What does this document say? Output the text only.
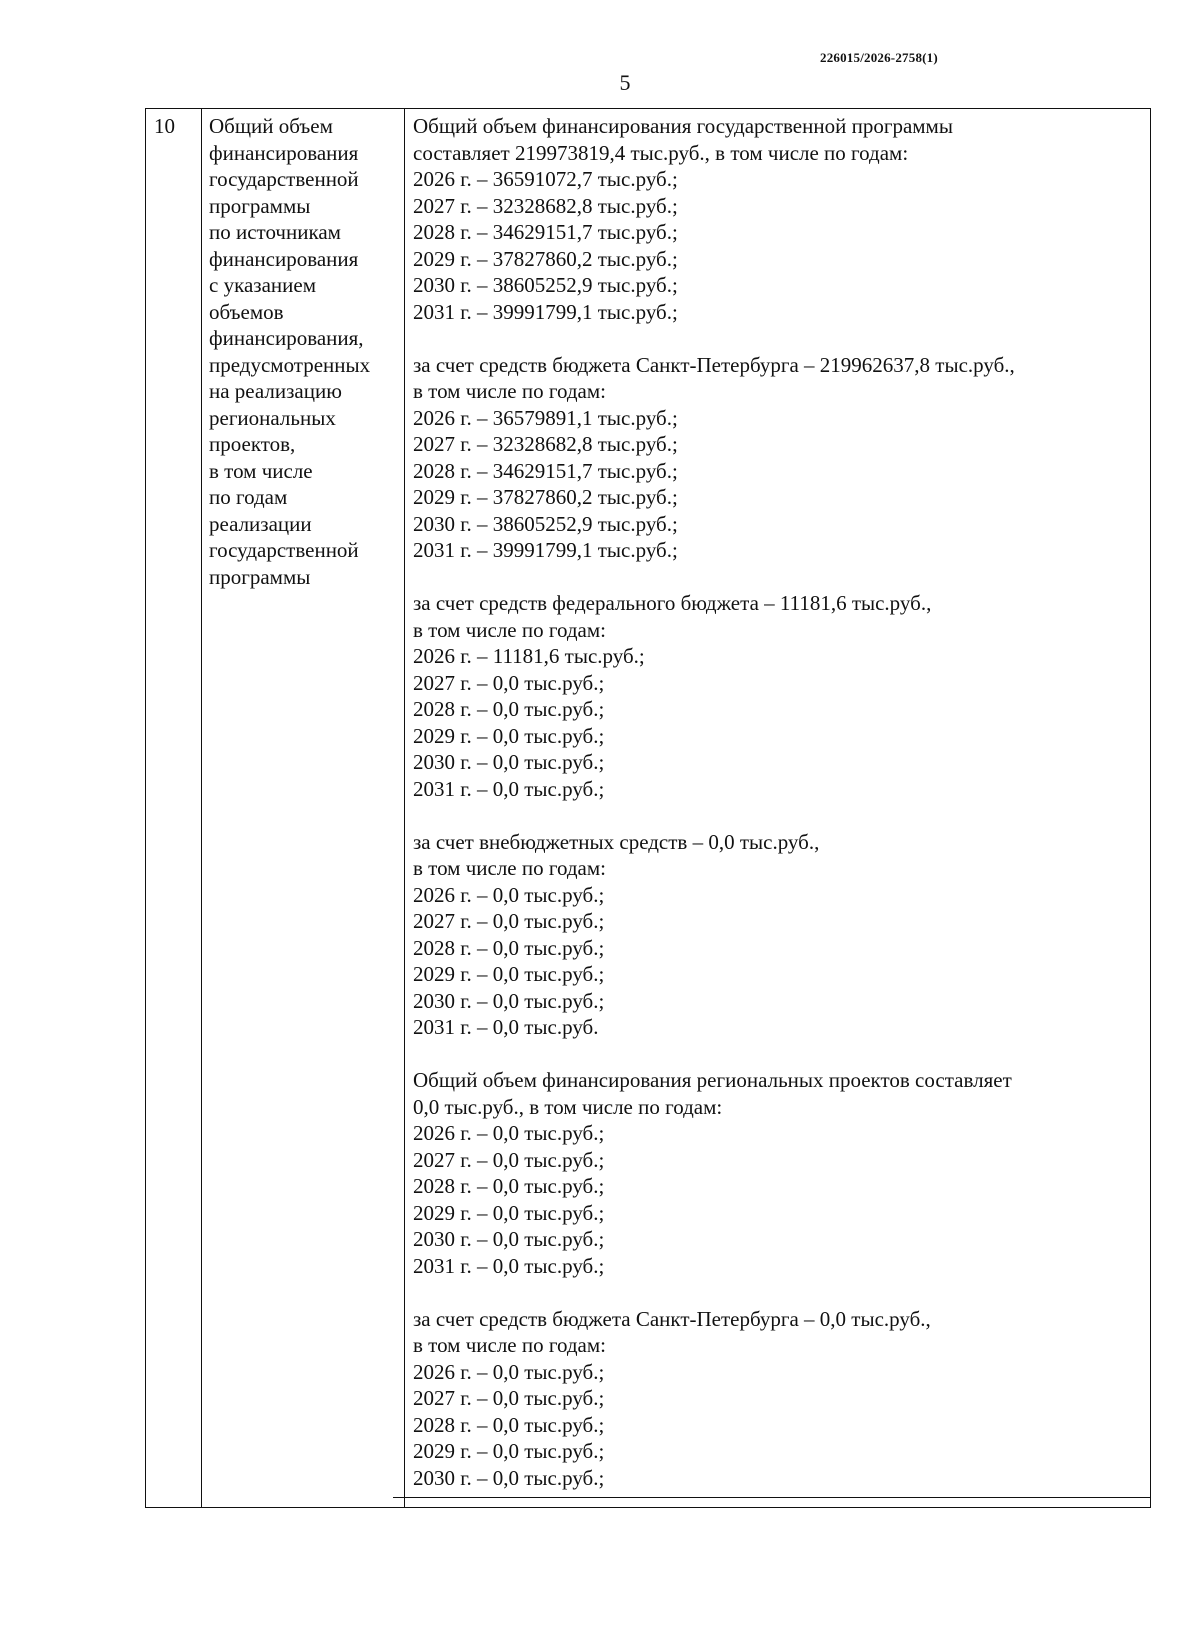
226015/2026-2758(1)
5
10 Общий объем
финансирования
государственной
программы
по источникам
финансирования
с указанием
объемов
финансирования,
предусмотренных
на реализацию
региональных
проектов,
в том числе
по годам
реализации
государственной
программы
Общий объем финансирования государственной программы
составляет 219973819,4 тыс.руб., в том числе по годам:
2026 г. – 36591072,7 тыс.руб.;
2027 г. – 32328682,8 тыс.руб.;
2028 г. – 34629151,7 тыс.руб.;
2029 г. – 37827860,2 тыс.руб.;
2030 г. – 38605252,9 тыс.руб.;
2031 г. – 39991799,1 тыс.руб.;
за счет средств бюджета Санкт-Петербурга – 219962637,8 тыс.руб.,
в том числе по годам:
2026 г. – 36579891,1 тыс.руб.;
2027 г. – 32328682,8 тыс.руб.;
2028 г. – 34629151,7 тыс.руб.;
2029 г. – 37827860,2 тыс.руб.;
2030 г. – 38605252,9 тыс.руб.;
2031 г. – 39991799,1 тыс.руб.;
за счет средств федерального бюджета – 11181,6 тыс.руб.,
в том числе по годам:
2026 г. – 11181,6 тыс.руб.;
2027 г. – 0,0 тыс.руб.;
2028 г. – 0,0 тыс.руб.;
2029 г. – 0,0 тыс.руб.;
2030 г. – 0,0 тыс.руб.;
2031 г. – 0,0 тыс.руб.;
за счет внебюджетных средств – 0,0 тыс.руб.,
в том числе по годам:
2026 г. – 0,0 тыс.руб.;
2027 г. – 0,0 тыс.руб.;
2028 г. – 0,0 тыс.руб.;
2029 г. – 0,0 тыс.руб.;
2030 г. – 0,0 тыс.руб.;
2031 г. – 0,0 тыс.руб.
Общий объем финансирования региональных проектов составляет
0,0 тыс.руб., в том числе по годам:
2026 г. – 0,0 тыс.руб.;
2027 г. – 0,0 тыс.руб.;
2028 г. – 0,0 тыс.руб.;
2029 г. – 0,0 тыс.руб.;
2030 г. – 0,0 тыс.руб.;
2031 г. – 0,0 тыс.руб.;
за счет средств бюджета Санкт-Петербурга – 0,0 тыс.руб.,
в том числе по годам:
2026 г. – 0,0 тыс.руб.;
2027 г. – 0,0 тыс.руб.;
2028 г. – 0,0 тыс.руб.;
2029 г. – 0,0 тыс.руб.;
2030 г. – 0,0 тыс.руб.;
